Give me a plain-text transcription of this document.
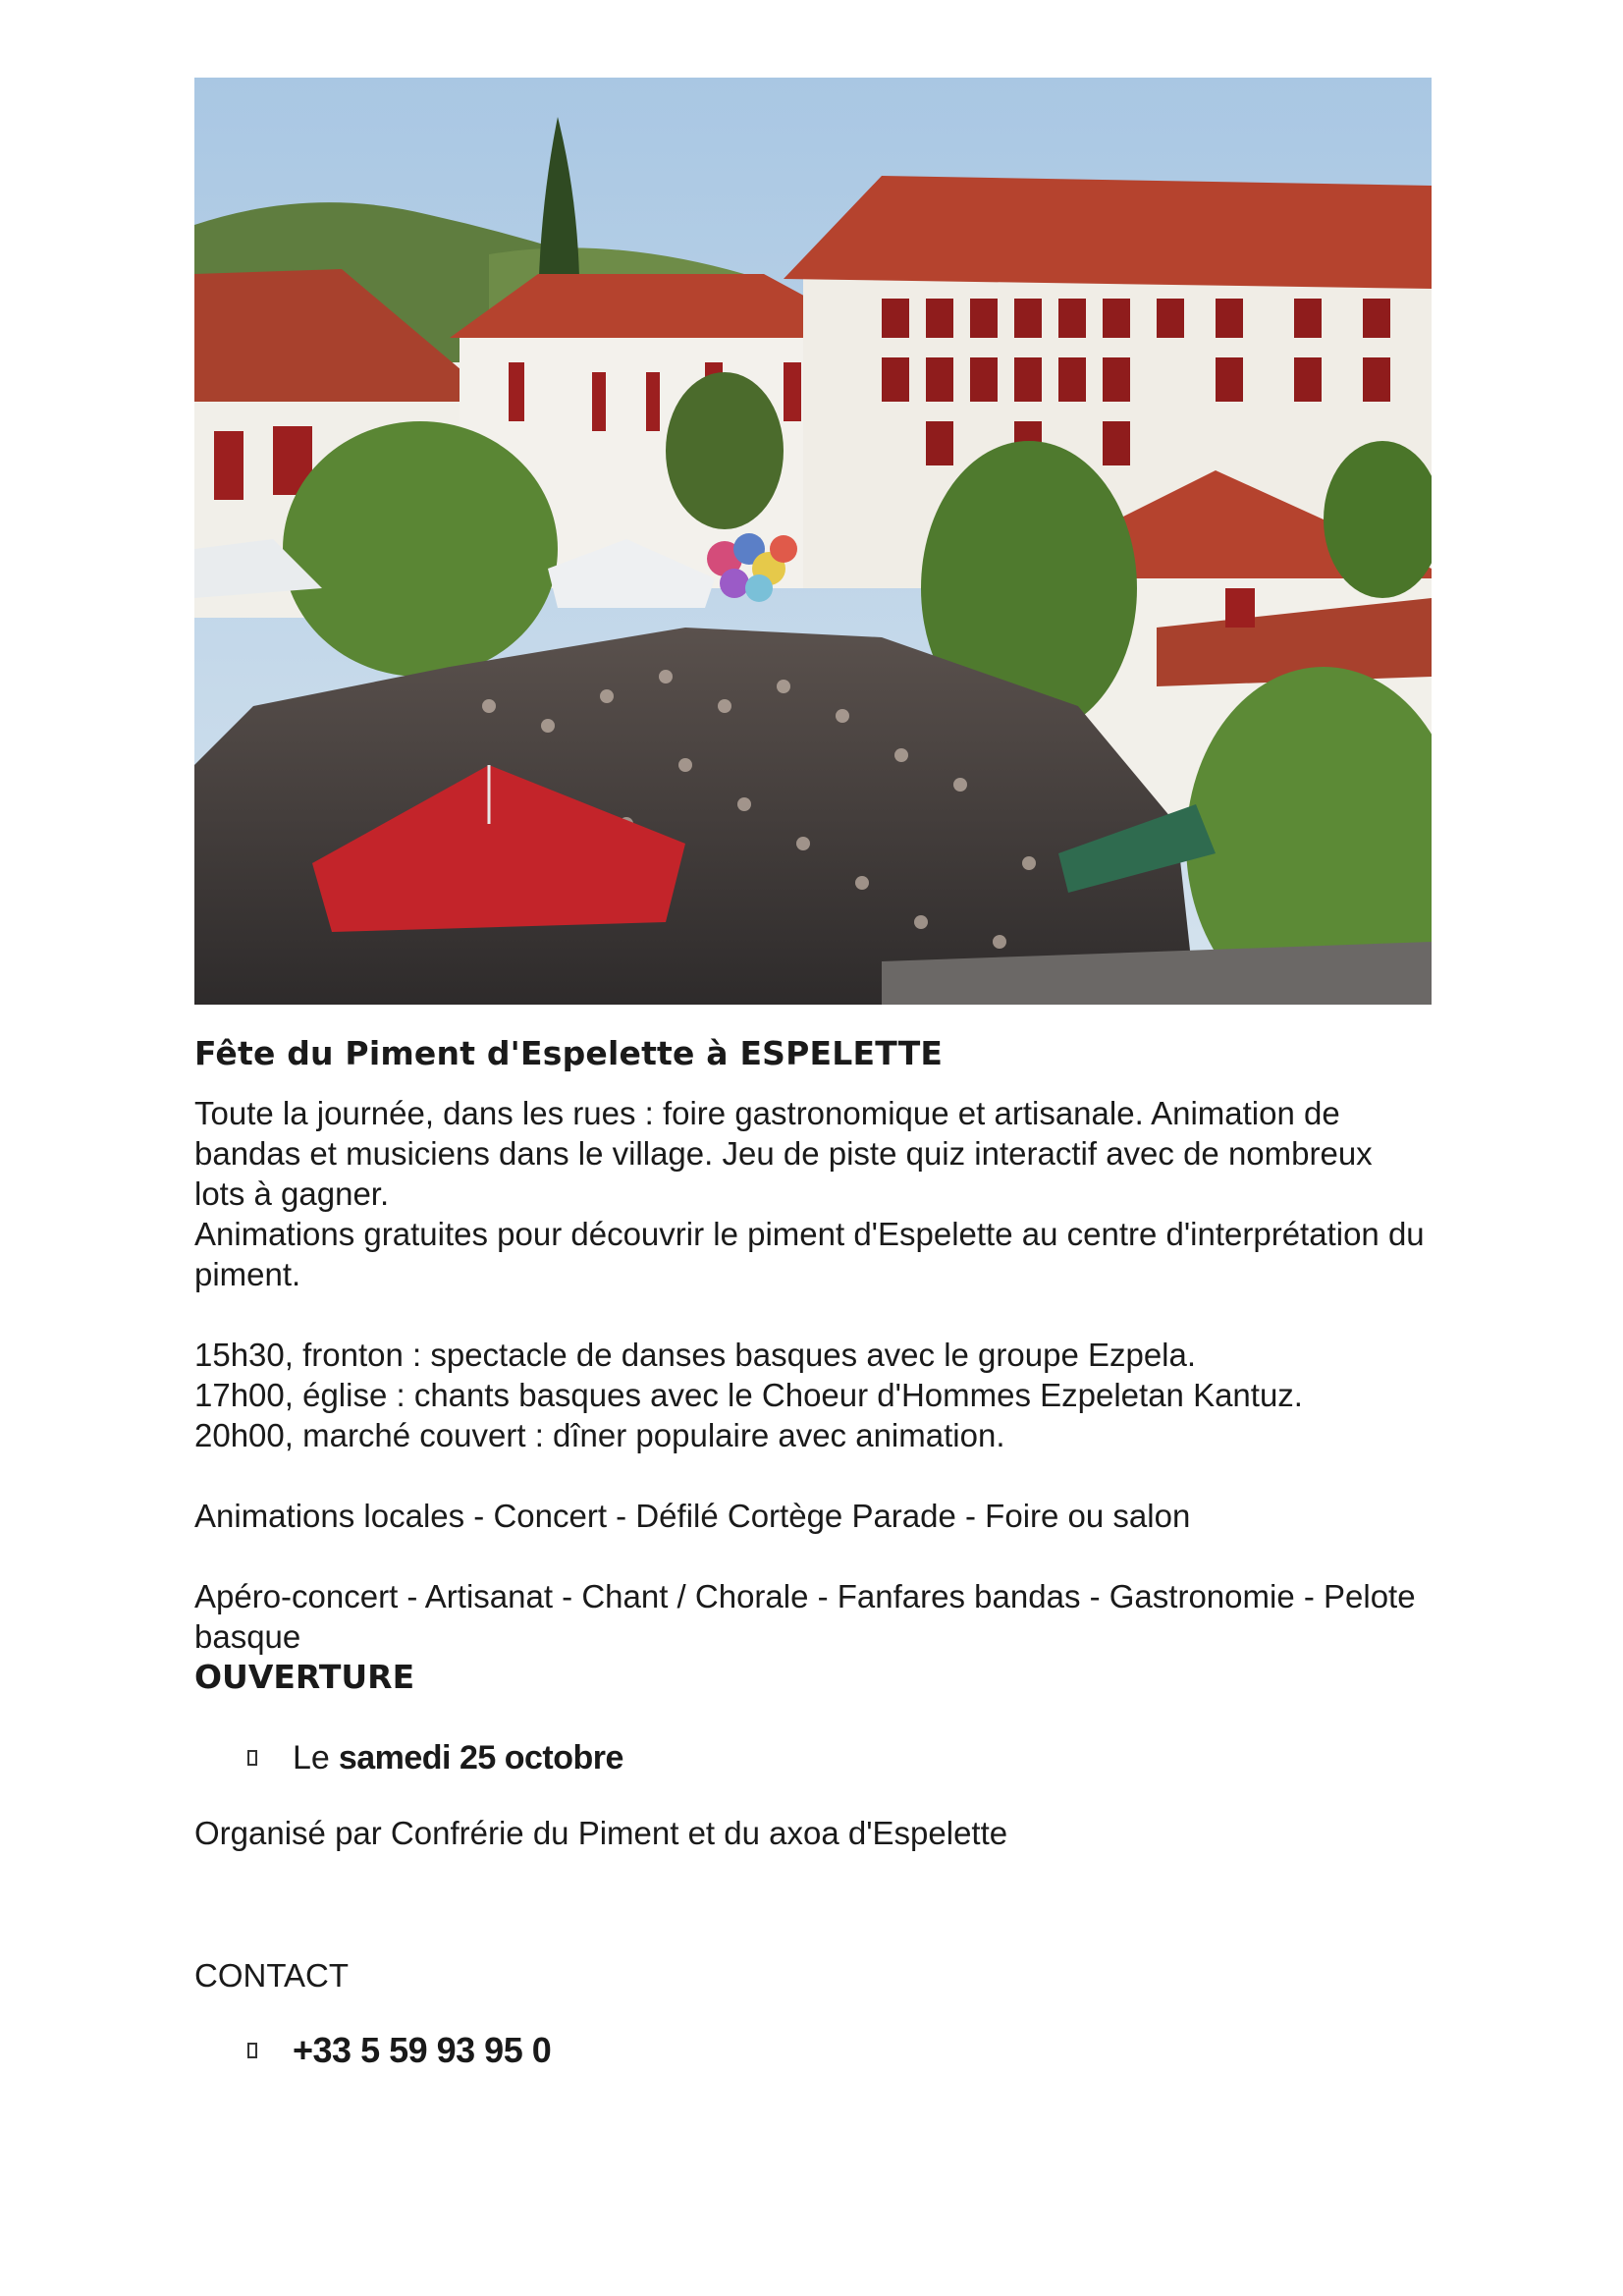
Fête du Piment d'Espelette à ESPELETTE

Toute la journée, dans les rues : foire gastronomique et artisanale. Animation de bandas et musiciens dans le village. Jeu de piste quiz interactif avec de nombreux lots à gagner.

Animations gratuites pour découvrir le piment d'Espelette au centre d'interprétation du piment.

15h30, fronton : spectacle de danses basques avec le groupe Ezpela.

17h00, église : chants basques avec le Choeur d'Hommes Ezpeletan Kantuz.

20h00, marché couvert : dîner populaire avec animation.

Animations locales - Concert - Défilé Cortège Parade - Foire ou salon

Apéro-concert - Artisanat - Chant / Chorale - Fanfares bandas - Gastronomie - Pelote basque

OUVERTURE
Le samedi 25 octobre

Organisé par Confrérie du Piment et du axoa d'Espelette

CONTACT

+33 5 59 93 95 0
